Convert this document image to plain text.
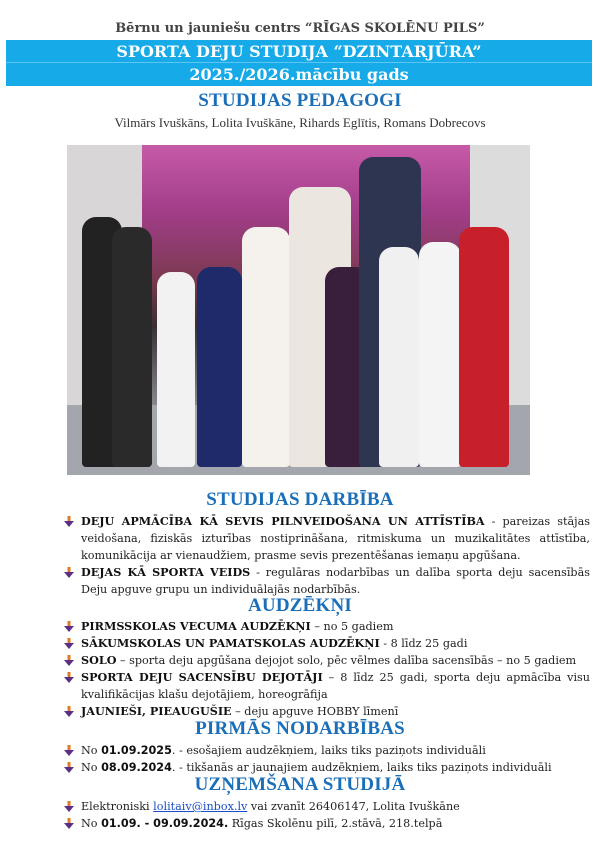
Bērnu un jauniešu centrs “RĪGAS SKOLĒNU PILS”
SPORTA DEJU STUDIJA “DZINTARJŪRA”
2025./2026.mācību gads
STUDIJAS PEDAGOGI
Vilmārs Ivuškāns, Lolita Ivuškāne, Rihards Eglītis, Romans Dobrecovs
STUDIJAS DARBĪBA
DEJU APMĀCĪBA KĀ SEVIS PILNVEIDOŠANA UN ATTĪSTĪBA - pareizas stājas veidošana, fiziskās izturības nostiprināšana, ritmiskuma un muzikalitātes attīstība, komunikācija ar vienaudžiem, prasme sevis prezentēšanas iemaņu apgūšana.
DEJAS KĀ SPORTA VEIDS - regulāras nodarbības un dalība sporta deju sacensībās Deju apguve grupu un individuālajās nodarbībās.
AUDZĒKŅI
PIRMSSKOLAS VECUMA AUDZĒKŅI – no 5 gadiem
SĀKUMSKOLAS UN PAMATSKOLAS AUDZĒKŅI - 8 līdz 25 gadi
SOLO – sporta deju apgūšana dejojot solo, pēc vēlmes dalība sacensībās – no 5 gadiem
SPORTA DEJU SACENSĪBU DEJOTĀJI – 8 līdz 25 gadi, sporta deju apmācība visu kvalifikācijas klašu dejotājiem, horeogrāfija
JAUNIEŠI, PIEAUGUŠIE – deju apguve HOBBY līmenī
PIRMĀS NODARBĪBAS
No 01.09.2025. - esošajiem audzēkņiem, laiks tiks paziņots individuāli
No 08.09.2024. - tikšanās ar jaunajiem audzēkņiem, laiks tiks paziņots individuāli
UZŅEMŠANA STUDIJĀ
Elektroniski lolitaiv@inbox.lv vai zvanīt 26406147, Lolita Ivuškāne
No 01.09. - 09.09.2024. Rīgas Skolēnu pilī, 2.stāvā, 218.telpā
